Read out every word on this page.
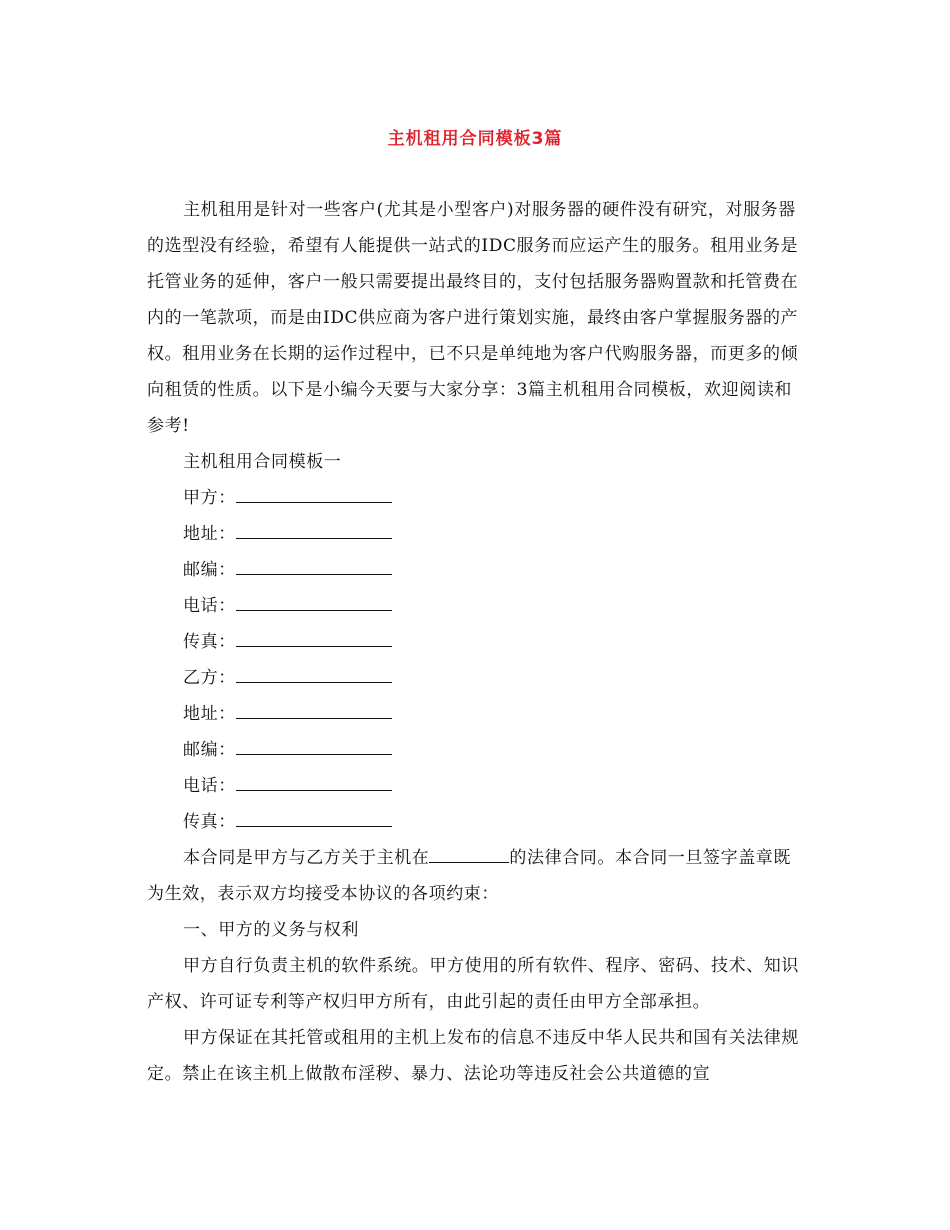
主机租用合同模板3篇

主机租用是针对一些客户(尤其是小型客户)对服务器的硬件没有研究，对服务器的选型没有经验，希望有人能提供一站式的IDC服务而应运产生的服务。租用业务是托管业务的延伸，客户一般只需要提出最终目的，支付包括服务器购置款和托管费在内的一笔款项，而是由IDC供应商为客户进行策划实施，最终由客户掌握服务器的产权。租用业务在长期的运作过程中，已不只是单纯地为客户代购服务器，而更多的倾向租赁的性质。以下是小编今天要与大家分享：3篇主机租用合同模板，欢迎阅读和参考!

主机租用合同模板一

甲方：

地址：

邮编：

电话：

传真：

乙方：

地址：

邮编：

电话：

传真：

本合同是甲方与乙方关于主机在	的法律合同。本合同一旦签字盖章既为生效，表示双方均接受本协议的各项约束：

一、甲方的义务与权利

甲方自行负责主机的软件系统。甲方使用的所有软件、程序、密码、技术、知识产权、许可证专利等产权归甲方所有，由此引起的责任由甲方全部承担。

甲方保证在其托管或租用的主机上发布的信息不违反中华人民共和国有关法律规定。禁止在该主机上做散布淫秽、暴力、法论功等违反社会公共道德的宣
